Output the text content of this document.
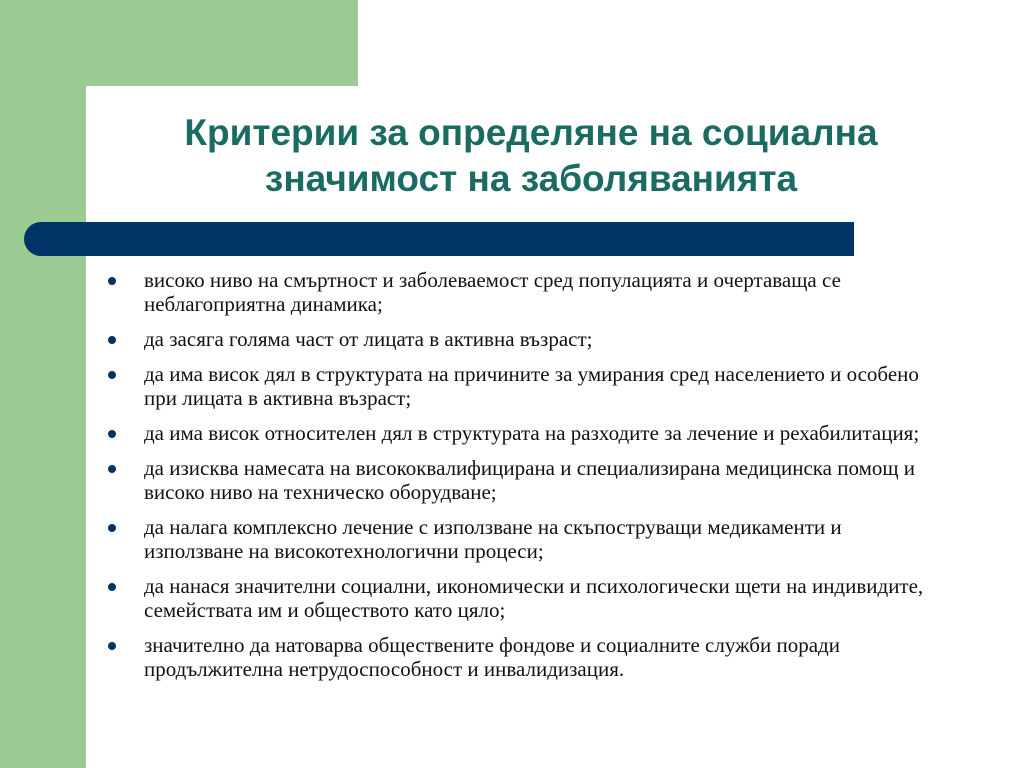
Критерии за определяне на социална
значимост на заболяванията
високо ниво на смъртност и заболеваемост сред популацията и очертаваща се неблагоприятна динамика;
да засяга голяма част от лицата в активна възраст;
да има висок дял в структурата на причините за умирания сред населението и особено при лицата в активна възраст;
да има висок относителен дял в структурата на разходите за лечение и рехабилитация;
да изисква намесата на висококвалифицирана и специализирана медицинска помощ и високо ниво на техническо оборудване;
да налага комплексно лечение с използване на скъпоструващи медикаменти и използване на високотехнологични процеси;
да нанася значителни социални, икономически и психологически щети на индивидите, семействата им и обществото като цяло;
значително да натоварва обществените фондове и социалните служби поради продължителна нетрудоспособност и инвалидизация.
